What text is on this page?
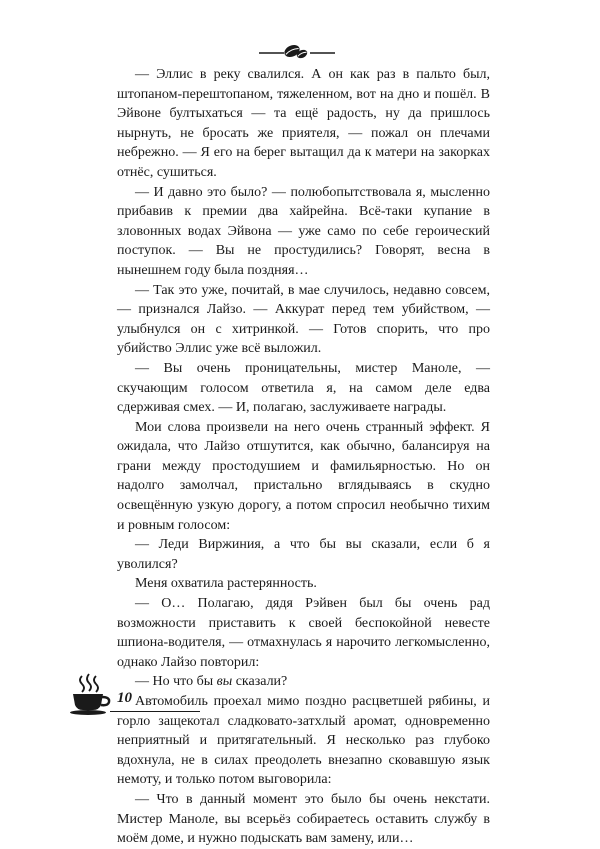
— Эллис в реку свалился. А он как раз в пальто был, штопаном-перештопаном, тяжеленном, вот на дно и пошёл. В Эйвоне бултыхаться — та ещё радость, ну да пришлось нырнуть, не бросать же приятеля, — пожал он плечами небрежно. — Я его на берег вытащил да к матери на закорках отнёс, сушиться.

— И давно это было? — полюбопытствовала я, мысленно прибавив к премии два хайрейна. Всё-таки купание в зловонных водах Эйвона — уже само по себе героический поступок. — Вы не простудились? Говорят, весна в нынешнем году была поздняя…

— Так это уже, почитай, в мае случилось, недавно совсем, — признался Лайзо. — Аккурат перед тем убийством, — улыбнулся он с хитринкой. — Готов спорить, что про убийство Эллис уже всё выложил.

— Вы очень проницательны, мистер Маноле, — скучающим голосом ответила я, на самом деле едва сдерживая смех. — И, полагаю, заслуживаете награды.

Мои слова произвели на него очень странный эффект. Я ожидала, что Лайзо отшутится, как обычно, балансируя на грани между простодушием и фамильярностью. Но он надолго замолчал, пристально вглядываясь в скудно освещённую узкую дорогу, а потом спросил необычно тихим и ровным голосом:

— Леди Виржиния, а что бы вы сказали, если б я уволился?

Меня охватила растерянность.

— О… Полагаю, дядя Рэйвен был бы очень рад возможности приставить к своей беспокойной невесте шпиона-водителя, — отмахнулась я нарочито легкомысленно, однако Лайзо повторил:

— Но что бы вы сказали?

Автомобиль проехал мимо поздно расцветшей рябины, и горло защекотал сладковато-затхлый аромат, одновременно неприятный и притягательный. Я несколько раз глубоко вдохнула, не в силах преодолеть внезапно сковавшую язык немоту, и только потом выговорила:

— Что в данный момент это было бы очень некстати. Мистер Маноле, вы всерьёз собираетесь оставить службу в моём доме, и нужно подыскать вам замену, или…

10
